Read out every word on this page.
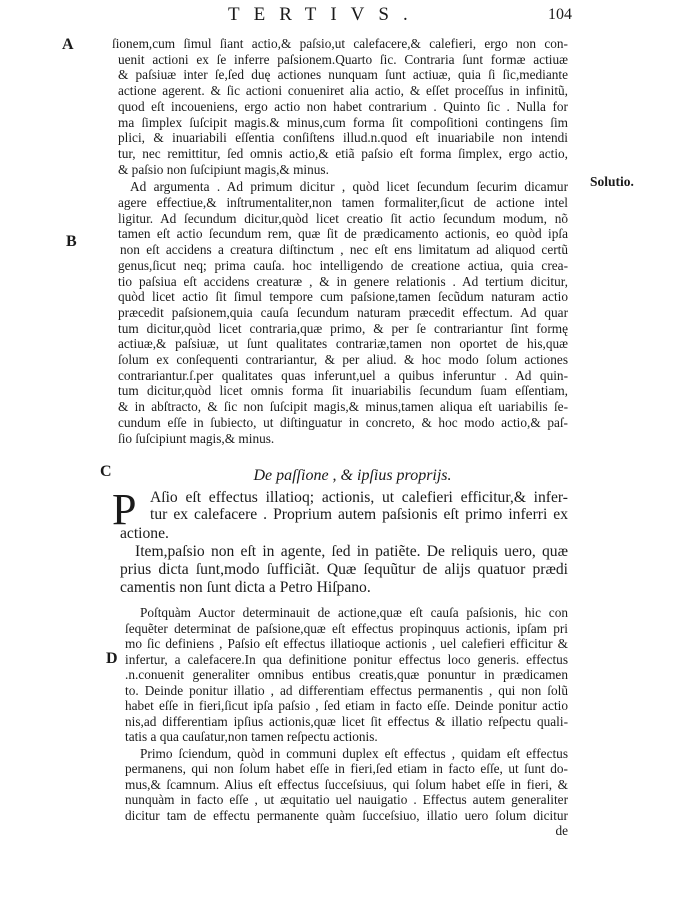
TERTIVS.	104
A
B
C
D
Solutio.
De paſſione , & ipſius proprijs.
P
ſionem,cum ſimul ſiant actio,& paſsio,ut calefacere,& calefieri, ergo non con-
uenit actioni ex ſe inferre paſsionem.Quarto ſic. Contraria ſunt formæ actiuæ
& paſsiuæ inter ſe,ſed duę actiones nunquam ſunt actiuæ, quia ſi ſic,mediante
actione agerent. & ſic actioni conueniret alia actio, & eſſet proceſſus in infinitũ,
quod eſt incoueniens, ergo actio non habet contrarium . Quinto ſic . Nulla for
ma ſimplex ſuſcipit magis.& minus,cum forma ſit compoſitioni contingens ſim
plici, & inuariabili eſſentia conſiſtens illud.n.quod eſt inuariabile non intendi
tur, nec remittitur, ſed omnis actio,& etiã paſsio eſt forma ſimplex, ergo actio,
& paſsio non ſuſcipiunt magis,& minus.
Ad argumenta . Ad primum dicitur , quòd licet ſecundum ſecurim dicamur
agere effectiue,& inſtrumentaliter,non tamen formaliter,ſicut de actione intel
ligitur. Ad ſecundum dicitur,quòd licet creatio ſit actio ſecundum modum, nõ
tamen eſt actio ſecundum rem, quæ ſit de prædicamento actionis, eo quòd ipſa
non eſt accidens a creatura diſtinctum , nec eſt ens limitatum ad aliquod certũ
genus,ſicut neq; prima cauſa. hoc intelligendo de creatione actiua, quia crea-
tio paſsiua eſt accidens creaturæ , & in genere relationis . Ad tertium dicitur,
quòd licet actio ſit ſimul tempore cum paſsione,tamen ſecũdum naturam actio
præcedit paſsionem,quia cauſa ſecundum naturam præcedit effectum. Ad quar
tum dicitur,quòd licet contraria,quæ primo, & per ſe contrariantur ſint formę
actiuæ,& paſsiuæ, ut ſunt qualitates contrariæ,tamen non oportet de his,quæ
ſolum ex conſequenti contrariantur, & per aliud. & hoc modo ſolum actiones
contrariantur.ſ.per qualitates quas inferunt,uel a quibus inferuntur . Ad quin-
tum dicitur,quòd licet omnis forma ſit inuariabilis ſecundum ſuam eſſentiam,
& in abſtracto, & ſic non ſuſcipit magis,& minus,tamen aliqua eſt uariabilis ſe-
cundum eſſe in ſubiecto, ut diſtinguatur in concreto, & hoc modo actio,& paſ-
ſio ſuſcipiunt magis,& minus.
Aſio eſt effectus illatioq; actionis, ut calefieri efficitur,& infer-
tur ex calefacere . Proprium autem paſsionis eſt primo inferri ex
actione.
Item,paſsio non eſt in agente, ſed in patiẽte. De reliquis uero, quæ
prius dicta ſunt,modo ſufficiãt. Quæ ſequũtur de alijs quatuor prædi
camentis non ſunt dicta a Petro Hiſpano.
Poſtquàm Auctor determinauit de actione,quæ eſt cauſa paſsionis, hic con
ſequẽter determinat de paſsione,quæ eſt effectus propinquus actionis, ipſam pri
mo ſic definiens , Paſsio eſt effectus illatioque actionis , uel calefieri efficitur &
infertur, a calefacere.In qua definitione ponitur effectus loco generis. effectus
.n.conuenit generaliter omnibus entibus creatis,quæ ponuntur in prædicamen
to. Deinde ponitur illatio , ad differentiam effectus permanentis , qui non ſolũ
habet eſſe in fieri,ſicut ipſa paſsio , ſed etiam in facto eſſe. Deinde ponitur actio
nis,ad differentiam ipſius actionis,quæ licet ſit effectus & illatio reſpectu quali-
tatis a qua cauſatur,non tamen reſpectu actionis.
Primo ſciendum, quòd in communi duplex eſt effectus , quidam eſt effectus
permanens, qui non ſolum habet eſſe in fieri,ſed etiam in facto eſſe, ut ſunt do-
mus,& ſcamnum. Alius eſt effectus ſucceſsiuus, qui ſolum habet eſſe in fieri, &
nunquàm in facto eſſe , ut æquitatio uel nauigatio . Effectus autem generaliter
dicitur tam de effectu permanente quàm ſucceſsiuo, illatio uero ſolum dicitur
de
